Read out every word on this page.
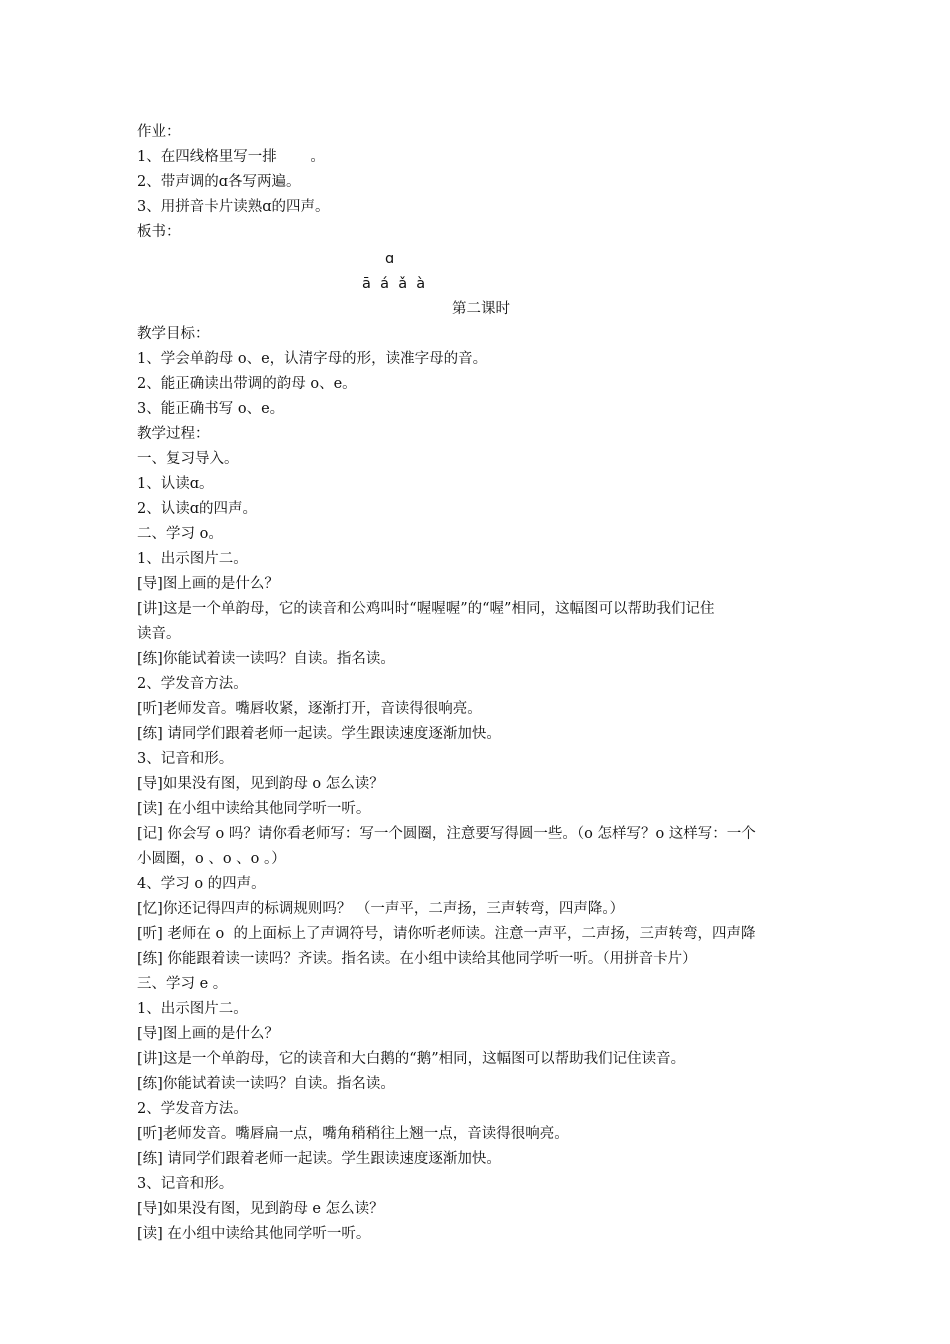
作业：
1、在四线格里写一排 　　。
2、带声调的ɑ各写两遍。
3、用拼音卡片读熟ɑ的四声。
板书：
ɑ
ā  á  ǎ  à
第二课时
教学目标：
1、学会单韵母 o、e，认清字母的形，读准字母的音。
2、能正确读出带调的韵母 o、e。
3、能正确书写 o、e。
教学过程：
一、复习导入。
1、认读ɑ。
2、认读ɑ的四声。
二、学习 o。
1、出示图片二。
[导]图上画的是什么？
[讲]这是一个单韵母，它的读音和公鸡叫时“喔喔喔”的“喔”相同，这幅图可以帮助我们记住
读音。
[练]你能试着读一读吗？自读。指名读。
2、学发音方法。
[听]老师发音。嘴唇收紧，逐渐打开，音读得很响亮。
[练] 请同学们跟着老师一起读。学生跟读速度逐渐加快。
3、记音和形。
[导]如果没有图，见到韵母 o 怎么读？
[读] 在小组中读给其他同学听一听。
[记] 你会写 o 吗？请你看老师写：写一个圆圈，注意要写得圆一些。（o 怎样写？o 这样写：一个
小圆圈，o 、o 、o 。）
4、学习 o 的四声。
[忆]你还记得四声的标调规则吗？ （一声平，二声扬，三声转弯，四声降。）
[听] 老师在 o  的上面标上了声调符号，请你听老师读。注意一声平，二声扬，三声转弯，四声降
[练] 你能跟着读一读吗？齐读。指名读。在小组中读给其他同学听一听。（用拼音卡片）
三、学习 e 。
1、出示图片二。
[导]图上画的是什么？
[讲]这是一个单韵母，它的读音和大白鹅的“鹅”相同，这幅图可以帮助我们记住读音。
[练]你能试着读一读吗？自读。指名读。
2、学发音方法。
[听]老师发音。嘴唇扁一点，嘴角稍稍往上翘一点，音读得很响亮。
[练] 请同学们跟着老师一起读。学生跟读速度逐渐加快。
3、记音和形。
[导]如果没有图，见到韵母 e 怎么读？
[读] 在小组中读给其他同学听一听。
